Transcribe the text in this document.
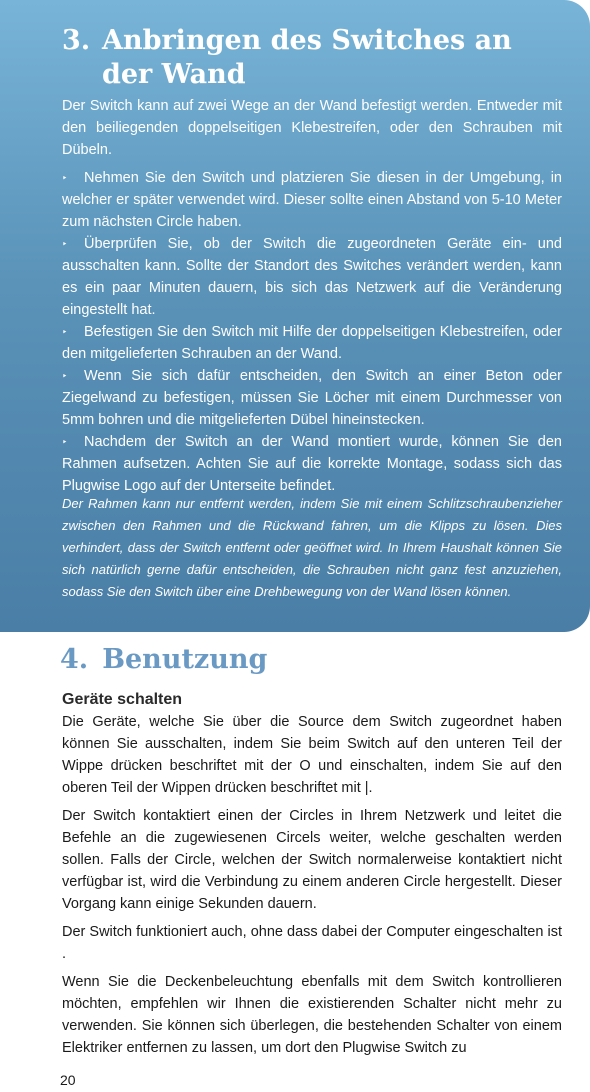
3. Anbringen des Switches an der Wand

Der Switch kann auf zwei Wege an der Wand befestigt werden. Entweder mit den beiliegenden doppelseitigen Klebestreifen, oder den Schrauben mit Dübeln.

‣	Nehmen Sie den Switch und platzieren Sie diesen in der Umgebung, in welcher er später verwendet wird. Dieser sollte einen Abstand von 5-10 Meter zum nächsten Circle haben.

‣	Überprüfen Sie, ob der Switch die zugeordneten Geräte ein- und ausschalten kann. Sollte der Standort des Switches verändert werden, kann es ein paar Minuten dauern, bis sich das Netzwerk auf die Veränderung eingestellt hat.

‣	Befestigen Sie den Switch mit Hilfe der doppelseitigen Klebestreifen, oder den mitgelieferten Schrauben an der Wand.

‣	Wenn Sie sich dafür entscheiden, den Switch an einer Beton oder Ziegelwand zu befestigen, müssen Sie Löcher mit einem Durchmesser von 5mm bohren und die mitgelieferten Dübel hineinstecken.

‣	Nachdem der Switch an der Wand montiert wurde, können Sie den Rahmen aufsetzen. Achten Sie auf die korrekte Montage, sodass sich das Plugwise Logo auf der Unterseite befindet.

Der Rahmen kann nur entfernt werden, indem Sie mit einem Schlitzschraubenzieher zwischen den Rahmen und die Rückwand fahren, um die Klipps zu lösen. Dies verhindert, dass der Switch entfernt oder geöffnet wird. In Ihrem Haushalt können Sie sich natürlich gerne dafür entscheiden, die Schrauben nicht ganz fest anzuziehen, sodass Sie den Switch über eine Drehbewegung von der Wand lösen können.

4. Benutzung
Geräte schalten

Die Geräte, welche Sie über die Source dem Switch zugeordnet haben können Sie ausschalten, indem Sie beim Switch auf den unteren Teil der Wippe drücken beschriftet mit der O und einschalten, indem Sie auf den oberen Teil der Wippen drücken beschriftet mit |.

Der Switch kontaktiert einen der Circles in Ihrem Netzwerk und leitet die Befehle an die zugewiesenen Circels weiter, welche geschalten werden sollen. Falls der Circle, welchen der Switch normalerweise kontaktiert nicht verfügbar ist, wird die Verbindung zu einem anderen Circle hergestellt. Dieser Vorgang kann einige Sekunden dauern.

Der Switch funktioniert auch, ohne dass dabei der Computer eingeschalten ist .

Wenn Sie die Deckenbeleuchtung ebenfalls mit dem Switch kontrollieren möchten, empfehlen wir Ihnen die existierenden Schalter nicht mehr zu verwenden. Sie können sich überlegen, die bestehenden Schalter von einem Elektriker entfernen zu lassen, um dort den Plugwise Switch zu

20
